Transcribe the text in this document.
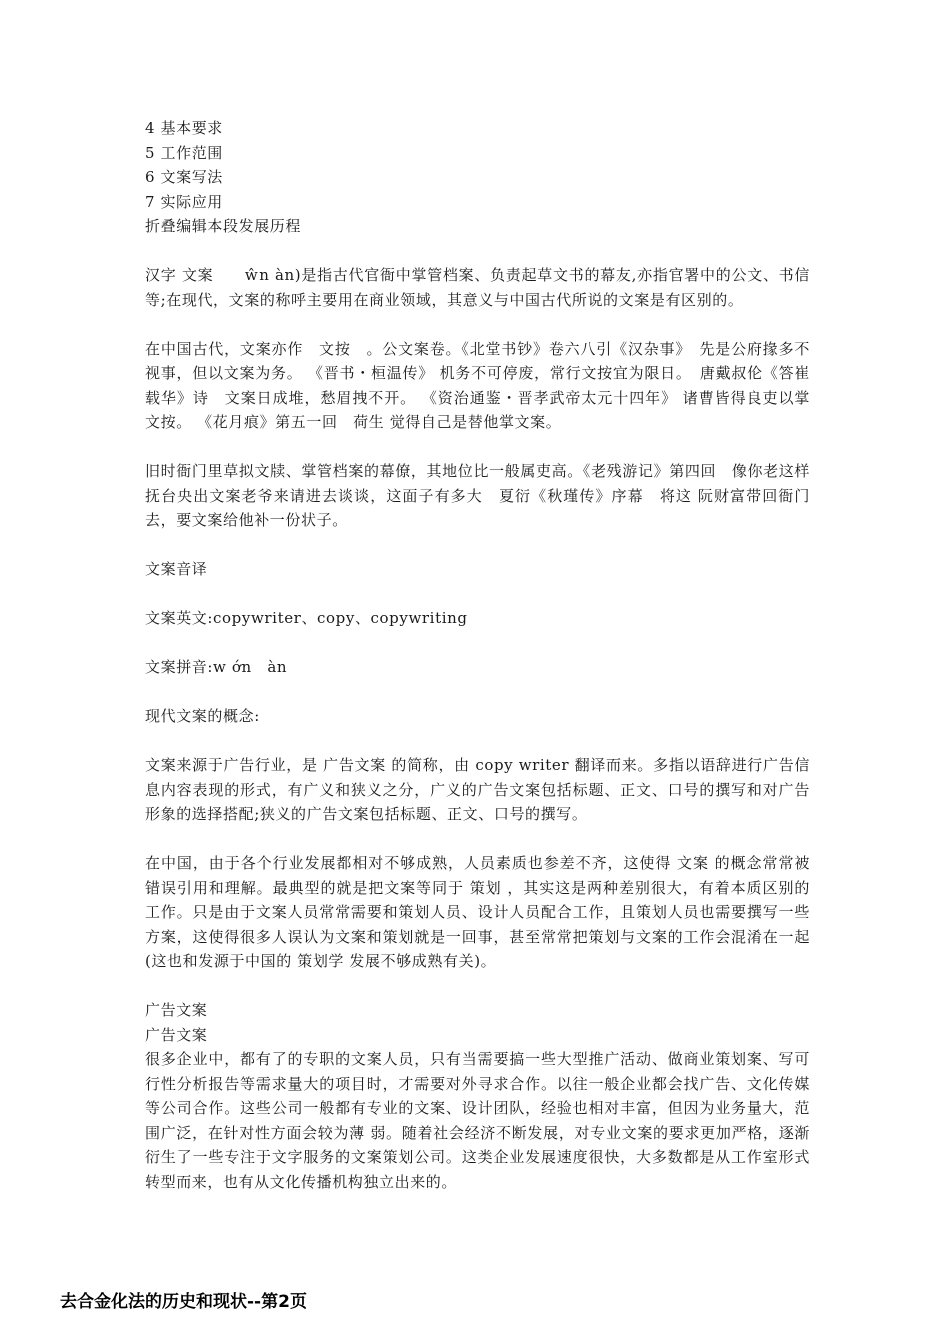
4 基本要求
5 工作范围
6 文案写法
7 实际应用
折叠编辑本段发展历程
汉字 文案　　ŵn àn)是指古代官衙中掌管档案、负责起草文书的幕友,亦指官署中的公文、书信等;在现代，文案的称呼主要用在商业领域，其意义与中国古代所说的文案是有区别的。
在中国古代，文案亦作　文按　。公文案卷。《北堂书钞》卷六八引《汉杂事》　先是公府掾多不视事，但以文案为务。 《晋书・桓温传》 机务不可停废，常行文按宜为限日。　唐戴叔伦《答崔载华》诗　文案日成堆，愁眉拽不开。 《资治通鉴・晋孝武帝太元十四年》 诸曹皆得良吏以掌文按。 《花月痕》第五一回　荷生 觉得自己是替他掌文案。
旧时衙门里草拟文牍、掌管档案的幕僚，其地位比一般属吏高。《老残游记》第四回　像你老这样抚台央出文案老爷来请进去谈谈，这面子有多大　夏衍《秋瑾传》序幕　将这 阮财富带回衙门去，要文案给他补一份状子。
文案音译
文案英文:copywriter、copy、copywriting
文案拼音:w ớn　àn
现代文案的概念:
文案来源于广告行业，是 广告文案 的简称，由 copy writer 翻译而来。多指以语辞进行广告信息内容表现的形式，有广义和狭义之分，广义的广告文案包括标题、正文、口号的撰写和对广告形象的选择搭配;狭义的广告文案包括标题、正文、口号的撰写。
在中国，由于各个行业发展都相对不够成熟，人员素质也参差不齐，这使得 文案 的概念常常被错误引用和理解。最典型的就是把文案等同于 策划 ，其实这是两种差别很大，有着本质区别的工作。只是由于文案人员常常需要和策划人员、设计人员配合工作，且策划人员也需要撰写一些方案，这使得很多人误认为文案和策划就是一回事，甚至常常把策划与文案的工作会混淆在一起(这也和发源于中国的 策划学 发展不够成熟有关)。
广告文案
广告文案
很多企业中，都有了的专职的文案人员，只有当需要搞一些大型推广活动、做商业策划案、写可行性分析报告等需求量大的项目时，才需要对外寻求合作。以往一般企业都会找广告、文化传媒等公司合作。这些公司一般都有专业的文案、设计团队，经验也相对丰富，但因为业务量大，范围广泛，在针对性方面会较为薄 弱。随着社会经济不断发展，对专业文案的要求更加严格，逐渐衍生了一些专注于文字服务的文案策划公司。这类企业发展速度很快，大多数都是从工作室形式转型而来，也有从文化传播机构独立出来的。
去合金化法的历史和现状--第2页
